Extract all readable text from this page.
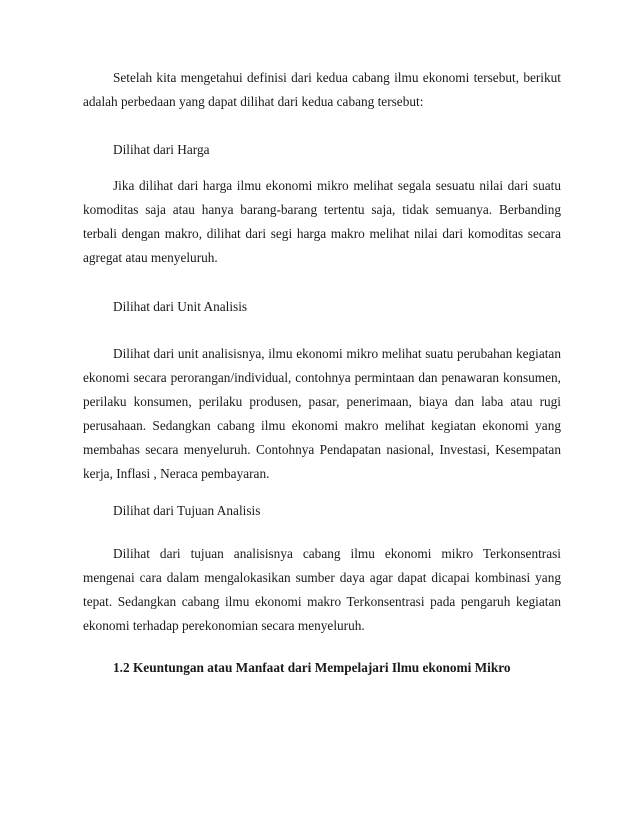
Setelah kita mengetahui definisi dari kedua cabang ilmu ekonomi tersebut, berikut adalah perbedaan yang dapat dilihat dari kedua cabang tersebut:

Dilihat dari Harga

Jika dilihat dari harga ilmu ekonomi mikro melihat segala sesuatu nilai dari suatu komoditas saja atau hanya barang-barang tertentu saja, tidak semuanya. Berbanding terbali dengan makro, dilihat dari segi harga makro melihat nilai dari komoditas secara agregat atau menyeluruh.

Dilihat dari Unit Analisis

Dilihat dari unit analisisnya, ilmu ekonomi mikro melihat suatu perubahan kegiatan ekonomi secara perorangan/individual, contohnya permintaan dan penawaran konsumen, perilaku konsumen, perilaku produsen, pasar, penerimaan, biaya dan laba atau rugi perusahaan. Sedangkan cabang ilmu ekonomi makro melihat kegiatan ekonomi yang membahas secara menyeluruh. Contohnya Pendapatan nasional, Investasi, Kesempatan kerja, Inflasi , Neraca pembayaran.

Dilihat dari Tujuan Analisis

Dilihat dari tujuan analisisnya cabang ilmu ekonomi mikro Terkonsentrasi mengenai cara dalam mengalokasikan sumber daya agar dapat dicapai kombinasi yang tepat. Sedangkan cabang ilmu ekonomi makro Terkonsentrasi pada pengaruh kegiatan ekonomi terhadap perekonomian secara menyeluruh.

1.2 Keuntungan atau Manfaat dari Mempelajari Ilmu ekonomi Mikro
